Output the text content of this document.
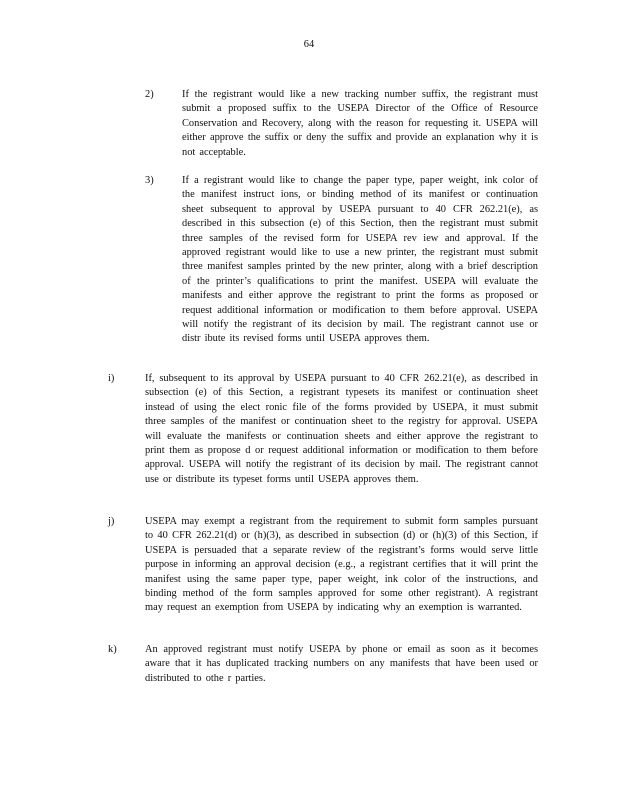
64
2)	If the registrant would like a new tracking number suffix, the registrant must submit a proposed suffix to the USEPA Director of the Office of Resource Conservation and Recovery, along with the reason for requesting it. USEPA will either approve the suffix or deny the suffix and provide an explanation why it is not acceptable.

3)	If a registrant would like to change the paper type, paper weight, ink color of the manifest instruct ions, or binding method of its manifest or continuation sheet subsequent to approval by USEPA pursuant to 40 CFR 262.21(e), as described in this subsection (e) of this Section, then the registrant must submit three samples of the revised form for USEPA rev iew and approval. If the approved registrant would like to use a new printer, the registrant must submit three manifest samples printed by the new printer, along with a brief description of the printer’s qualifications to print the manifest. USEPA will evaluate the manifests and either approve the registrant to print the forms as proposed or request additional information or modification to them before approval. USEPA will notify the registrant of its decision by mail. The registrant cannot use or distr ibute its revised forms until USEPA approves them.

i)	If, subsequent to its approval by USEPA pursuant to 40 CFR 262.21(e), as described in subsection (e) of this Section, a registrant typesets its manifest or continuation sheet instead of using the elect ronic file of the forms provided by USEPA, it must submit three samples of the manifest or continuation sheet to the registry for approval. USEPA will evaluate the manifests or continuation sheets and either approve the registrant to print them as propose d or request additional information or modification to them before approval. USEPA will notify the registrant of its decision by mail. The registrant cannot use or distribute its typeset forms until USEPA approves them.

j)	USEPA may exempt a registrant from the requirement to submit form samples pursuant to 40 CFR 262.21(d) or (h)(3), as described in subsection (d) or (h)(3) of this Section, if USEPA is persuaded that a separate review of the registrant’s forms would serve little purpose in informing an approval decision (e.g., a registrant certifies that it will print the manifest using the same paper type, paper weight, ink color of the instructions, and binding method of the form samples approved for some other registrant). A registrant may request an exemption from USEPA by indicating why an exemption is warranted.

k)	An approved registrant must notify USEPA by phone or email as soon as it becomes aware that it has duplicated tracking numbers on any manifests that have been used or distributed to othe r parties.
